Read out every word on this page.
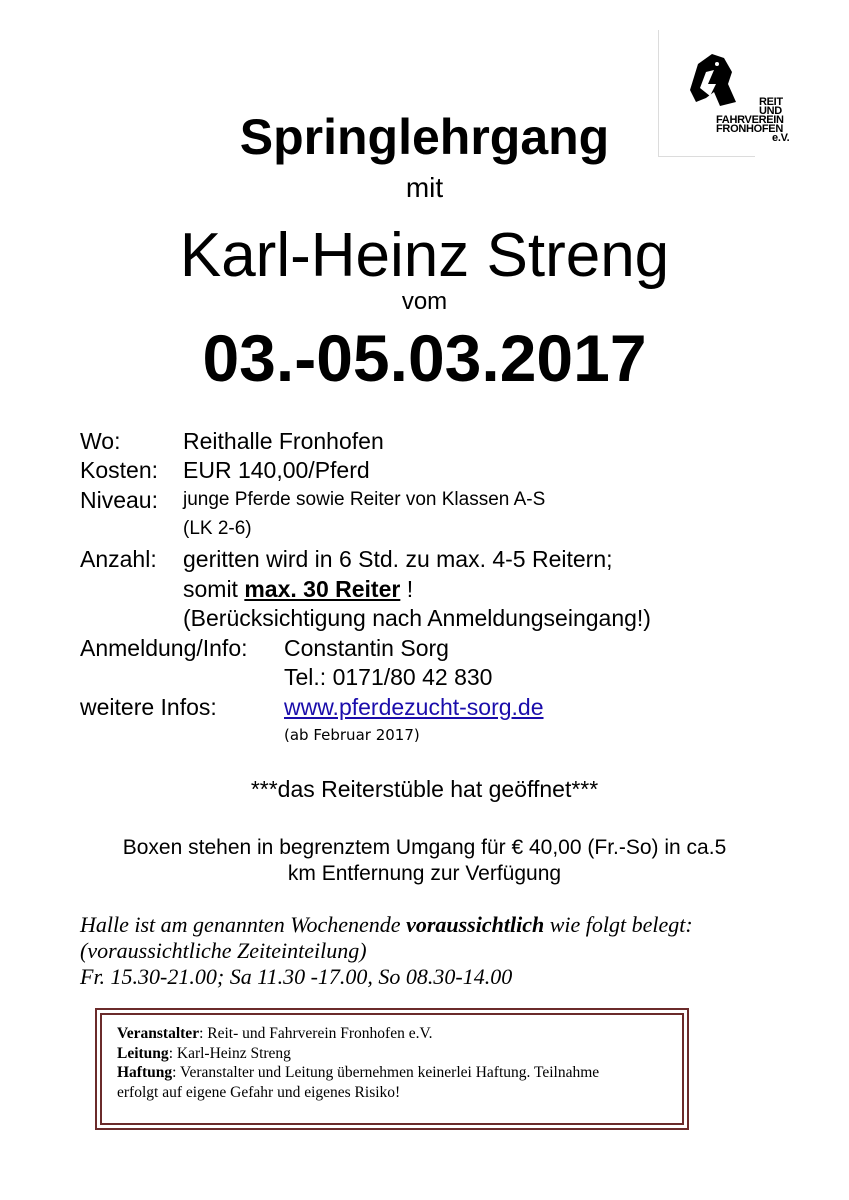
REIT
UND
FAHRVEREIN
FRONHOFEN
e.V.
Springlehrgang
mit
Karl-Heinz Streng
vom
03.-05.03.2017
Wo:	Reithalle Fronhofen
Kosten: EUR 140,00/Pferd
Niveau: junge Pferde sowie Reiter von Klassen A-S
(LK 2-6)
Anzahl: geritten wird in 6 Std. zu max. 4-5 Reitern;
somit max. 30 Reiter !
(Berücksichtigung nach Anmeldungseingang!)
Anmeldung/Info: Constantin Sorg
Tel.: 0171/80 42 830
weitere Infos:	www.pferdezucht-sorg.de
(ab Februar 2017)
***das Reiterstüble hat geöffnet***
Boxen stehen in begrenztem Umgang für € 40,00 (Fr.-So) in ca.5
km Entfernung zur Verfügung
Halle ist am genannten Wochenende voraussichtlich wie folgt belegt:
(voraussichtliche Zeiteinteilung)
Fr. 15.30-21.00; Sa 11.30 -17.00, So 08.30-14.00
Veranstalter: Reit- und Fahrverein Fronhofen e.V.
Leitung: Karl-Heinz Streng
Haftung: Veranstalter und Leitung übernehmen keinerlei Haftung. Teilnahme
erfolgt auf eigene Gefahr und eigenes Risiko!
